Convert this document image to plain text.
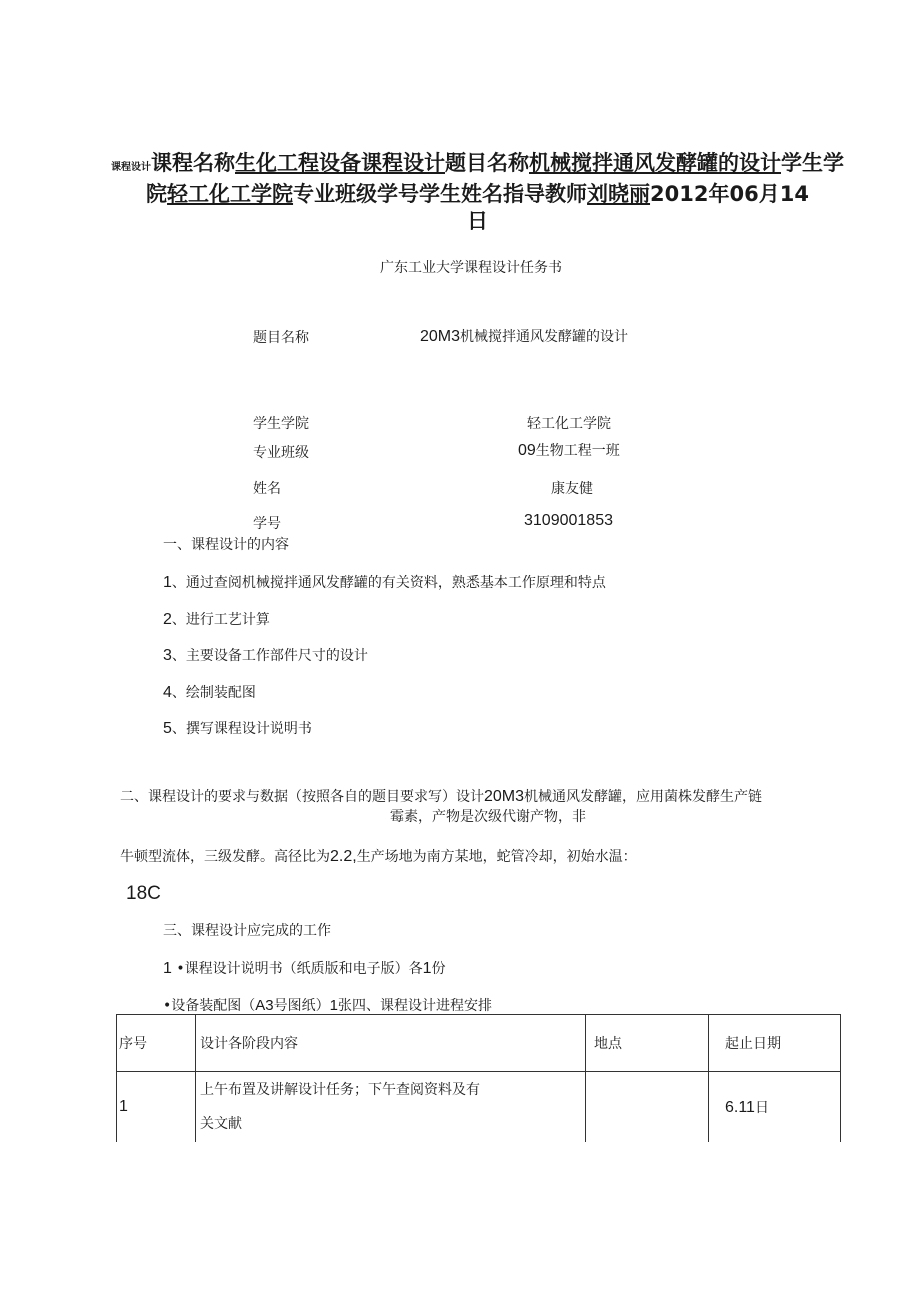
课程设计课程名称生化工程设备课程设计题目名称机械搅拌通风发酵罐的设计学生学院轻工化工学院专业班级学号学生姓名指导教师刘晓丽2012年06月14
日
广东工业大学课程设计任务书
题目名称	20M3机械搅拌通风发酵罐的设计
学生学院	轻工化工学院
专业班级	09生物工程一班
姓名	康友健
学号	3109001853
一、课程设计的内容
1、通过查阅机械搅拌通风发酵罐的有关资料，熟悉基本工作原理和特点
2、进行工艺计算
3、主要设备工作部件尺寸的设计
4、绘制装配图
5、撰写课程设计说明书
二、课程设计的要求与数据（按照各自的题目要求写）设计20M3机械通风发酵罐，应用菌株发酵生产链
霉素，产物是次级代谢产物，非
牛顿型流体，三级发酵。高径比为2.2,生产场地为南方某地，蛇管冷却，初始水温：
18C
三、课程设计应完成的工作
1 •课程设计说明书（纸质版和电子版）各1份
•设备装配图（A3号图纸）1张四、课程设计进程安排
序号	设计各阶段内容	地点	起止日期
1	上午布置及讲解设计任务；下午查阅资料及有
关文献		6.11日
